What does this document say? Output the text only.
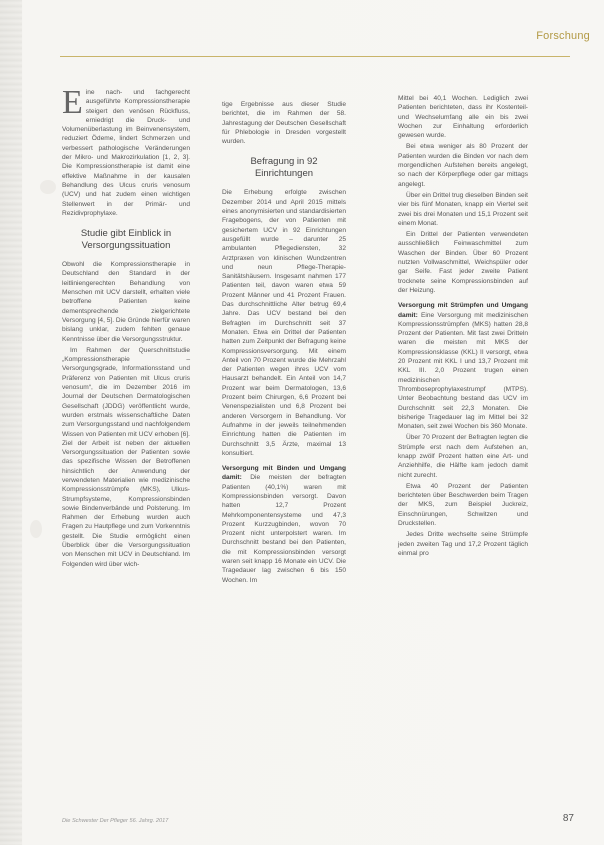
Forschung

Eine nach- und fachgerecht ausgeführte Kompressionstherapie steigert den venösen Rückfluss, erniedrigt die Druck- und Volumenüberlastung im Beinvenensystem, reduziert Ödeme, lindert Schmerzen und verbessert pathologische Veränderungen der Mikro- und Makrozirkulation [1, 2, 3]. Die Kompressionstherapie ist damit eine effektive Maßnahme in der kausalen Behandlung des Ulcus cruris venosum (UCV) und hat zudem einen wichtigen Stellenwert in der Primär- und Rezidivprophylaxe.

Studie gibt Einblick in Versorgungssituation

Obwohl die Kompressionstherapie in Deutschland den Standard in der leitliniengerechten Behandlung von Menschen mit UCV darstellt, erhalten viele betroffene Patienten keine dementsprechende zielgerichtete Versorgung [4, 5]. Die Gründe hierfür waren bislang unklar, zudem fehlten genaue Kenntnisse über die Versorgungsstruktur.

Im Rahmen der Querschnittstudie „Kompressionstherapie – Versorgungsgrade, Informationsstand und Präferenz von Patienten mit Ulcus cruris venosum“, die im Dezember 2016 im Journal der Deutschen Dermatologischen Gesellschaft (JDDG) veröffentlicht wurde, wurden erstmals wissenschaftliche Daten zum Versorgungsstand und nachfolgendem Wissen von Patienten mit UCV erhoben [6]. Ziel der Arbeit ist neben der aktuellen Versorgungssituation der Patienten sowie das spezifische Wissen der Betroffenen hinsichtlich der Anwendung der verwendeten Materialien wie medizinische Kompressionsstrümpfe (MKS), Ulkus-Strumpfsysteme, Kompressionsbinden sowie Bindenverbände und Polsterung. Im Rahmen der Erhebung wurden auch Fragen zu Hautpflege und zum Vorkenntnis gestellt. Die Studie ermöglicht einen Überblick über die Versorgungssituation von Menschen mit UCV in Deutschland. Im Folgenden wird über wich-

tige Ergebnisse aus dieser Studie berichtet, die im Rahmen der 58. Jahrestagung der Deutschen Gesellschaft für Phlebologie in Dresden vorgestellt wurden.

Befragung in 92 Einrichtungen

Die Erhebung erfolgte zwischen Dezember 2014 und April 2015 mittels eines anonymisierten und standardisierten Fragebogens, der von Patienten mit gesichertem UCV in 92 Einrichtungen ausgefüllt wurde – darunter 25 ambulanten Pflegediensten, 32 Arztpraxen von klinischen Wundzentren und neun Pflege-Therapie-Sanitätshäusern. Insgesamt nahmen 177 Patienten teil, davon waren etwa 59 Prozent Männer und 41 Prozent Frauen. Das durchschnittliche Alter betrug 69,4 Jahre. Das UCV bestand bei den Befragten im Durchschnitt seit 37 Monaten. Etwa ein Drittel der Patienten hatten zum Zeitpunkt der Befragung keine Kompressionsversorgung. Mit einem Anteil von 70 Prozent wurde die Mehrzahl der Patienten wegen ihres UCV vom Hausarzt behandelt. Ein Anteil von 14,7 Prozent war beim Dermatologen, 13,6 Prozent beim Chirurgen, 6,6 Prozent bei Venenspezialisten und 6,8 Prozent bei anderen Versorgern in Behandlung. Vor Aufnahme in der jeweils teilnehmenden Einrichtung hatten die Patienten im Durchschnitt 3,5 Ärzte, maximal 13 konsultiert.

Versorgung mit Binden und Umgang damit: Die meisten der befragten Patienten (40,1%) waren mit Kompressionsbinden versorgt. Davon hatten 12,7 Prozent Mehrkomponentensysteme und 47,3 Prozent Kurzzugbinden, wovon 70 Prozent nicht unterpolstert waren. Im Durchschnitt bestand bei den Patienten, die mit Kompressionsbinden versorgt waren seit knapp 16 Monate ein UCV. Die Tragedauer lag zwischen 6 bis 150 Wochen. Im

Mittel bei 40,1 Wochen. Lediglich zwei Patienten berichteten, dass ihr Kostenteil- und Wechselumfang alle ein bis zwei Wochen zur Einhaltung erforderlich gewesen wurde.

Bei etwa weniger als 80 Prozent der Patienten wurden die Binden vor nach dem morgendlichen Aufstehen bereits angelegt, so nach der Körperpflege oder gar mittags angelegt.

Über ein Drittel trug dieselben Binden seit vier bis fünf Monaten, knapp ein Viertel seit zwei bis drei Monaten und 15,1 Prozent seit einem Monat.

Ein Drittel der Patienten verwendeten ausschließlich Feinwaschmittel zum Waschen der Binden. Über 60 Prozent nutzten Vollwaschmittel, Weichspüler oder gar Seife. Fast jeder zweite Patient trocknete seine Kompressionsbinden auf der Heizung.

Versorgung mit Strümpfen und Umgang damit: Eine Versorgung mit medizinischen Kompressionsstrümpfen (MKS) hatten 28,8 Prozent der Patienten. Mit fast zwei Dritteln waren die meisten mit MKS der Kompressionsklasse (KKL) II versorgt, etwa 20 Prozent mit KKL I und 13,7 Prozent mit KKL III. 2,0 Prozent trugen einen medizinischen Thromboseprophylaxestrumpf (MTPS). Unter Beobachtung bestand das UCV im Durchschnitt seit 22,3 Monaten. Die bisherige Tragedauer lag im Mittel bei 32 Monaten, seit zwei Wochen bis 360 Monate.

Über 70 Prozent der Befragten legten die Strümpfe erst nach dem Aufstehen an, knapp zwölf Prozent hatten eine Art- und Anziehhilfe, die Hälfte kam jedoch damit nicht zurecht.

Etwa 40 Prozent der Patienten berichteten über Beschwerden beim Tragen der MKS, zum Beispiel Juckreiz, Einschnürungen, Schwitzen und Druckstellen.

Jedes Dritte wechselte seine Strümpfe jeden zweiten Tag und 17,2 Prozent täglich einmal pro

Die Schwester Der Pfleger 56. Jahrg. 2017	87
